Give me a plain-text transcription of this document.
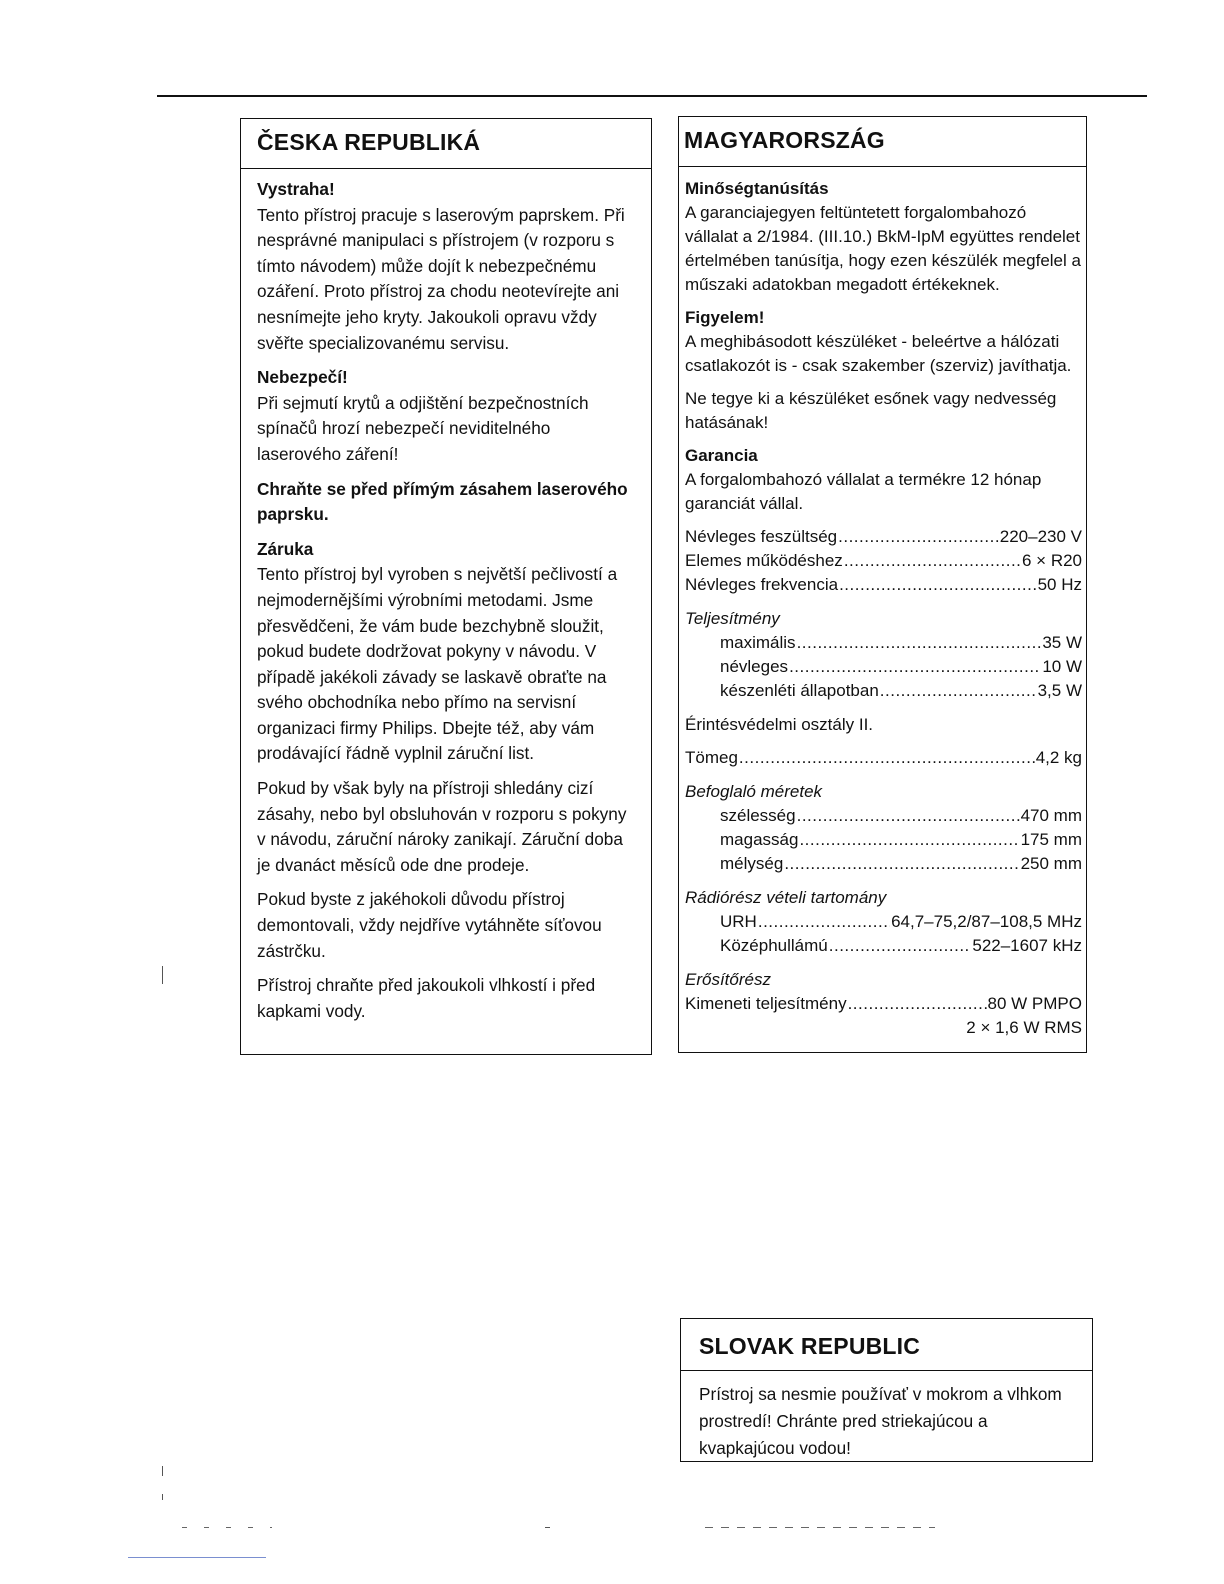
ČESKA REPUBLIKÁ
Vystraha!
Tento přístroj pracuje s laserovým paprskem. Při nesprávné manipulaci s přístrojem (v rozporu s tímto návodem) může dojít k nebezpečnému ozáření. Proto přístroj za chodu neotevírejte ani nesnímejte jeho kryty. Jakoukoli opravu vždy svěřte specializovanému servisu.
Nebezpečí!
Při sejmutí krytů a odjištění bezpečnostních spínačů hrozí nebezpečí neviditelného laserového záření!
Chraňte se před přímým zásahem laserového paprsku.
Záruka
Tento přístroj byl vyroben s největší pečlivostí a nejmodernějšími výrobními metodami. Jsme přesvědčeni, že vám bude bezchybně sloužit, pokud budete dodržovat pokyny v návodu. V případě jakékoli závady se laskavě obraťte na svého obchodníka nebo přímo na servisní organizaci firmy Philips. Dbejte též, aby vám prodávající řádně vyplnil záruční list.
Pokud by však byly na přístroji shledány cizí zásahy, nebo byl obsluhován v rozporu s pokyny v návodu, záruční nároky zanikají. Záruční doba je dvanáct měsíců ode dne prodeje.
Pokud byste z jakéhokoli důvodu přístroj demontovali, vždy nejdříve vytáhněte síťovou zástrčku.
Přístroj chraňte před jakoukoli vlhkostí i před kapkami vody.
MAGYARORSZÁG
Minőségtanúsítás
A garanciajegyen feltüntetett forgalombahozó vállalat a 2/1984. (III.10.) BkM-IpM együttes rendelet értelmében tanúsítja, hogy ezen készülék megfelel a műszaki adatokban megadott értékeknek.
Figyelem!
A meghibásodott készüléket - beleértve a hálózati csatlakozót is - csak szakember (szerviz) javíthatja.
Ne tegye ki a készüléket esőnek vagy nedvesség hatásának!
Garancia
A forgalombahozó vállalat a termékre 12 hónap garanciát vállal.
Névleges feszültség .....	220–230 V
Elemes működéshez .....	6 × R20
Névleges frekvencia .....	50 Hz
Teljesítmény
maximális .....	35 W
névleges .....	10 W
készenléti állapotban .....	3,5 W
Érintésvédelmi osztály II.
Tömeg .....	4,2 kg
Befoglaló méretek
szélesség .....	470 mm
magasság .....	175 mm
mélység .....	250 mm
Rádiórész vételi tartomány
URH .....	64,7–75,2/87–108,5 MHz
Középhullámú .....	522–1607 kHz
Erősítőrész
Kimeneti teljesítmény .....	80 W PMPO
2 × 1,6 W RMS
SLOVAK REPUBLIC
Prístroj sa nesmie používať v mokrom a vlhkom prostredí! Chránte pred striekajúcou a kvapkajúcou vodou!
